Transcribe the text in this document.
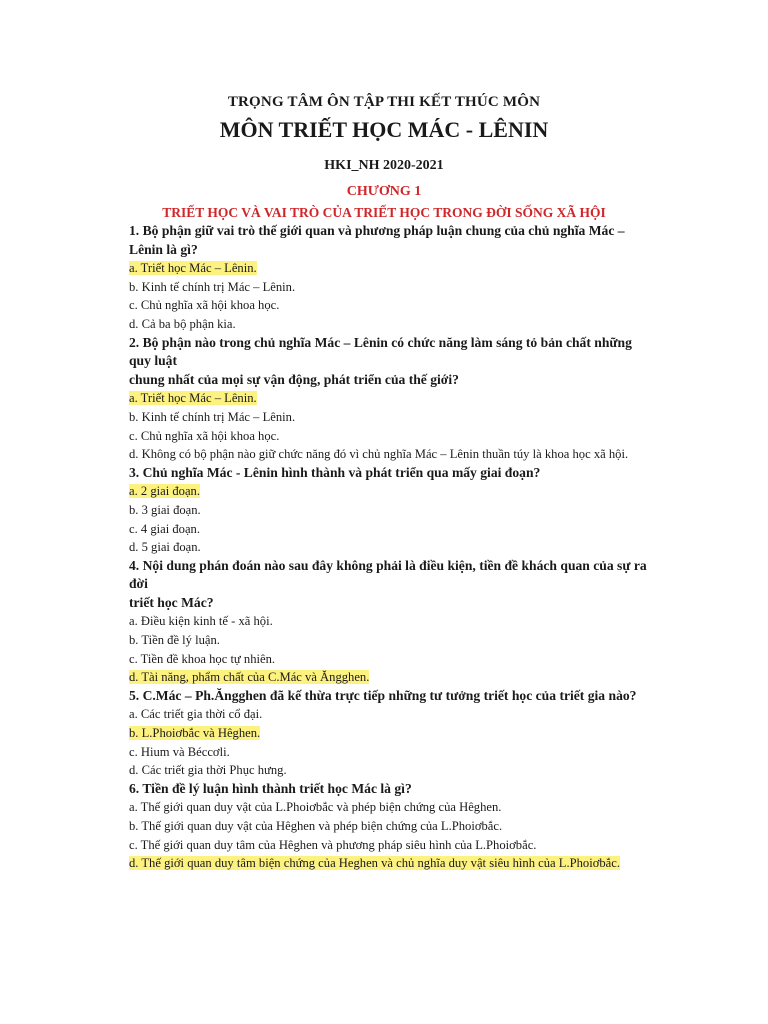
TRỌNG TÂM ÔN TẬP THI KẾT THÚC MÔN
MÔN TRIẾT HỌC MÁC - LÊNIN
HKI_NH 2020-2021
CHƯƠNG 1
TRIẾT HỌC VÀ VAI TRÒ CỦA TRIẾT HỌC TRONG ĐỜI SỐNG XÃ HỘI
1. Bộ phận giữ vai trò thế giới quan và phương pháp luận chung của chủ nghĩa Mác – Lênin là gì?
a. Triết học Mác – Lênin.
b. Kinh tế chính trị Mác – Lênin.
c. Chủ nghĩa xã hội khoa học.
d. Cả ba bộ phận kia.
2. Bộ phận nào trong chủ nghĩa Mác – Lênin có chức năng làm sáng tỏ bản chất những quy luật
chung nhất của mọi sự vận động, phát triển của thế giới?
a. Triết học Mác – Lênin.
b. Kinh tế chính trị Mác – Lênin.
c. Chủ nghĩa xã hội khoa học.
d. Không có bộ phận nào giữ chức năng đó vì chủ nghĩa Mác – Lênin thuần túy là khoa học xã hội.
3. Chủ nghĩa Mác - Lênin hình thành và phát triển qua mấy giai đoạn?
a. 2 giai đoạn.
b. 3 giai đoạn.
c. 4 giai đoạn.
d. 5 giai đoạn.
4. Nội dung phán đoán nào sau đây không phải là điều kiện, tiền đề khách quan của sự ra đời
triết học Mác?
a. Điều kiện kinh tế - xã hội.
b. Tiền đề lý luận.
c. Tiền đề khoa học tự nhiên.
d. Tài năng, phẩm chất của C.Mác và Ăngghen.
5. C.Mác – Ph.Ăngghen đã kế thừa trực tiếp những tư tưởng triết học của triết gia nào?
a. Các triết gia thời cổ đại.
b. L.Phoiơbắc và Hêghen.
c. Hium và Béccơli.
d. Các triết gia thời Phục hưng.
6. Tiền đề lý luận hình thành triết học Mác là gì?
a. Thế giới quan duy vật của L.Phoiơbắc và phép biện chứng của Hêghen.
b. Thế giới quan duy vật của Hêghen và phép biện chứng của L.Phoiơbắc.
c. Thế giới quan duy tâm của Hêghen và phương pháp siêu hình của L.Phoiơbắc.
d. Thế giới quan duy tâm biện chứng của Heghen và chủ nghĩa duy vật siêu hình của L.Phoiơbắc.
